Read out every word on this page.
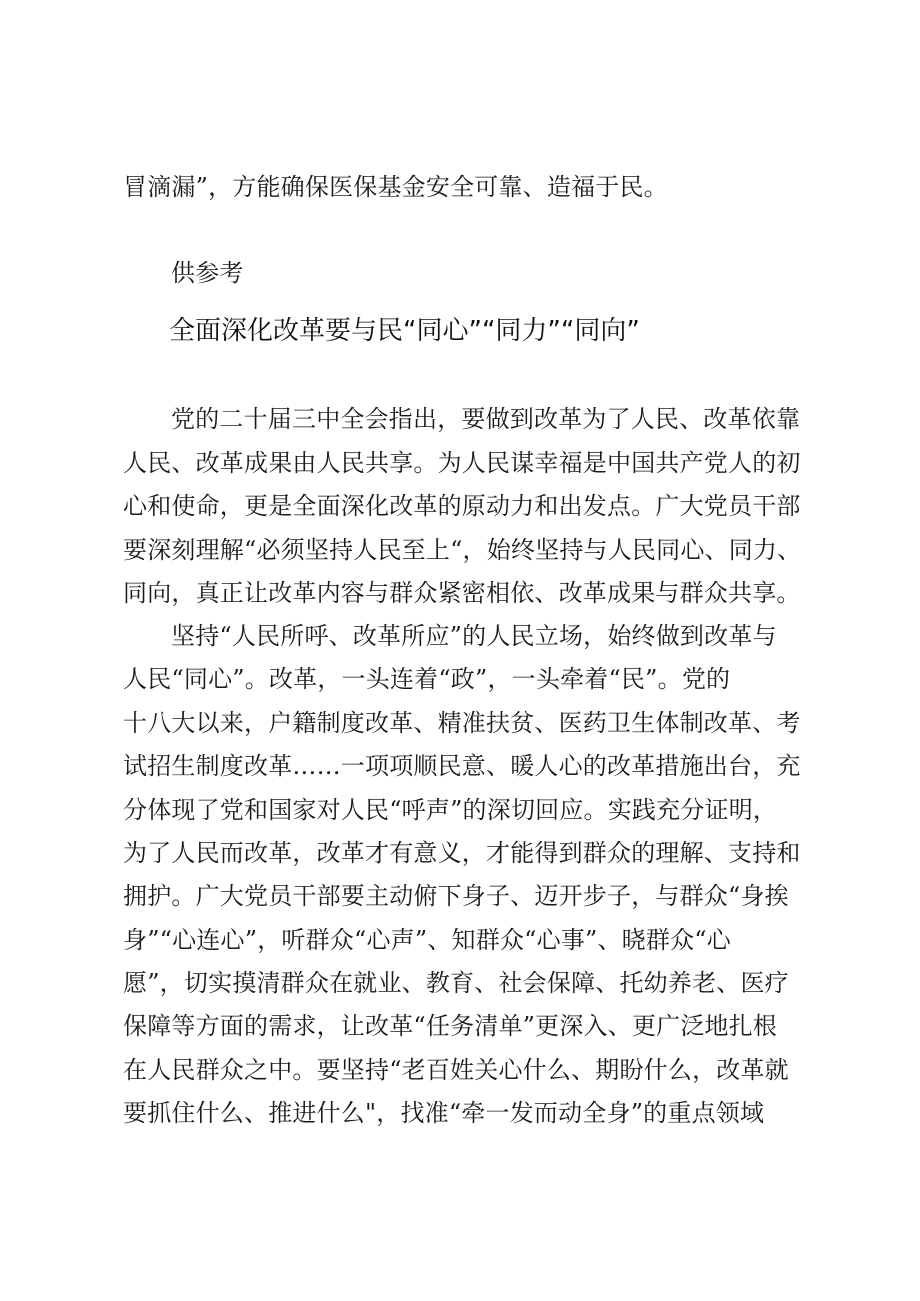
冒滴漏”，方能确保医保基金安全可靠、造福于民。

供参考

全面深化改革要与民“同心”“同力”“同向”

党的二十届三中全会指出，要做到改革为了人民、改革依靠

人民、改革成果由人民共享。为人民谋幸福是中国共产党人的初

心和使命，更是全面深化改革的原动力和出发点。广大党员干部

要深刻理解“必须坚持人民至上“，始终坚持与人民同心、同力、

同向，真正让改革内容与群众紧密相依、改革成果与群众共享。

坚持“人民所呼、改革所应”的人民立场，始终做到改革与

人民“同心”。改革，一头连着“政”，一头牵着“民”。党的

十八大以来，户籍制度改革、精准扶贫、医药卫生体制改革、考

试招生制度改革……一项项顺民意、暖人心的改革措施出台，充

分体现了党和国家对人民“呼声”的深切回应。实践充分证明，

为了人民而改革，改革才有意义，才能得到群众的理解、支持和

拥护。广大党员干部要主动俯下身子、迈开步子，与群众“身挨

身”“心连心”，听群众“心声”、知群众“心事”、晓群众“心

愿”，切实摸清群众在就业、教育、社会保障、托幼养老、医疗

保障等方面的需求，让改革“任务清单”更深入、更广泛地扎根

在人民群众之中。要坚持“老百姓关心什么、期盼什么，改革就

要抓住什么、推进什么"，找准“牵一发而动全身”的重点领域
